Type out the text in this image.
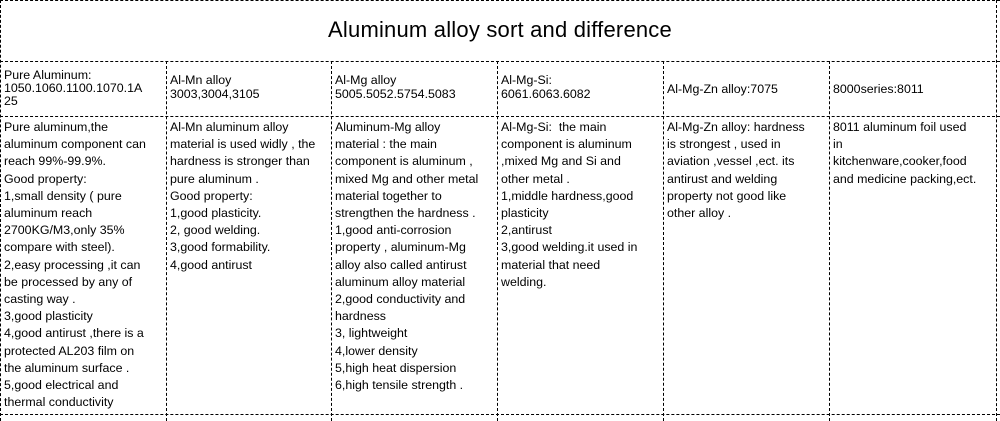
Aluminum alloy sort and difference
Pure Aluminum:
1050.1060.1100.1070.1A
25
Al-Mn alloy
3003,3004,3105
Al-Mg alloy
5005.5052.5754.5083
Al-Mg-Si:
6061.6063.6082	Al-Mg-Zn alloy:7075	8000series:8011
Pure aluminum,the
aluminum component can
reach 99%-99.9%.
Good property:
1,small density ( pure
aluminum reach
2700KG/M3,only 35%
compare with steel).
2,easy processing ,it can
be processed by any of
casting way .
3,good plasticity
4,good antirust ,there is a
protected AL203 film on
the aluminum surface .
5,good electrical and
thermal conductivity
Al-Mn aluminum alloy
material is used widly , the
hardness is stronger than
pure aluminum .
Good property:
1,good plasticity.
2, good welding.
3,good formability.
4,good antirust
Aluminum-Mg alloy
material : the main
component is aluminum ,
mixed Mg and other metal
material together to
strengthen the hardness .
1,good anti-corrosion
property , aluminum-Mg
alloy also called antirust
aluminum alloy material
2,good conductivity and
hardness
3, lightweight
4,lower density
5,high heat dispersion
6,high tensile strength .
Al-Mg-Si:  the main
component is aluminum
,mixed Mg and Si and
other metal .
1,middle hardness,good
plasticity
2,antirust
3,good welding.it used in
material that need
welding.
Al-Mg-Zn alloy: hardness
is strongest , used in
aviation ,vessel ,ect. its
antirust and welding
property not good like
other alloy .
8011 aluminum foil used
in
kitchenware,cooker,food
and medicine packing,ect.
